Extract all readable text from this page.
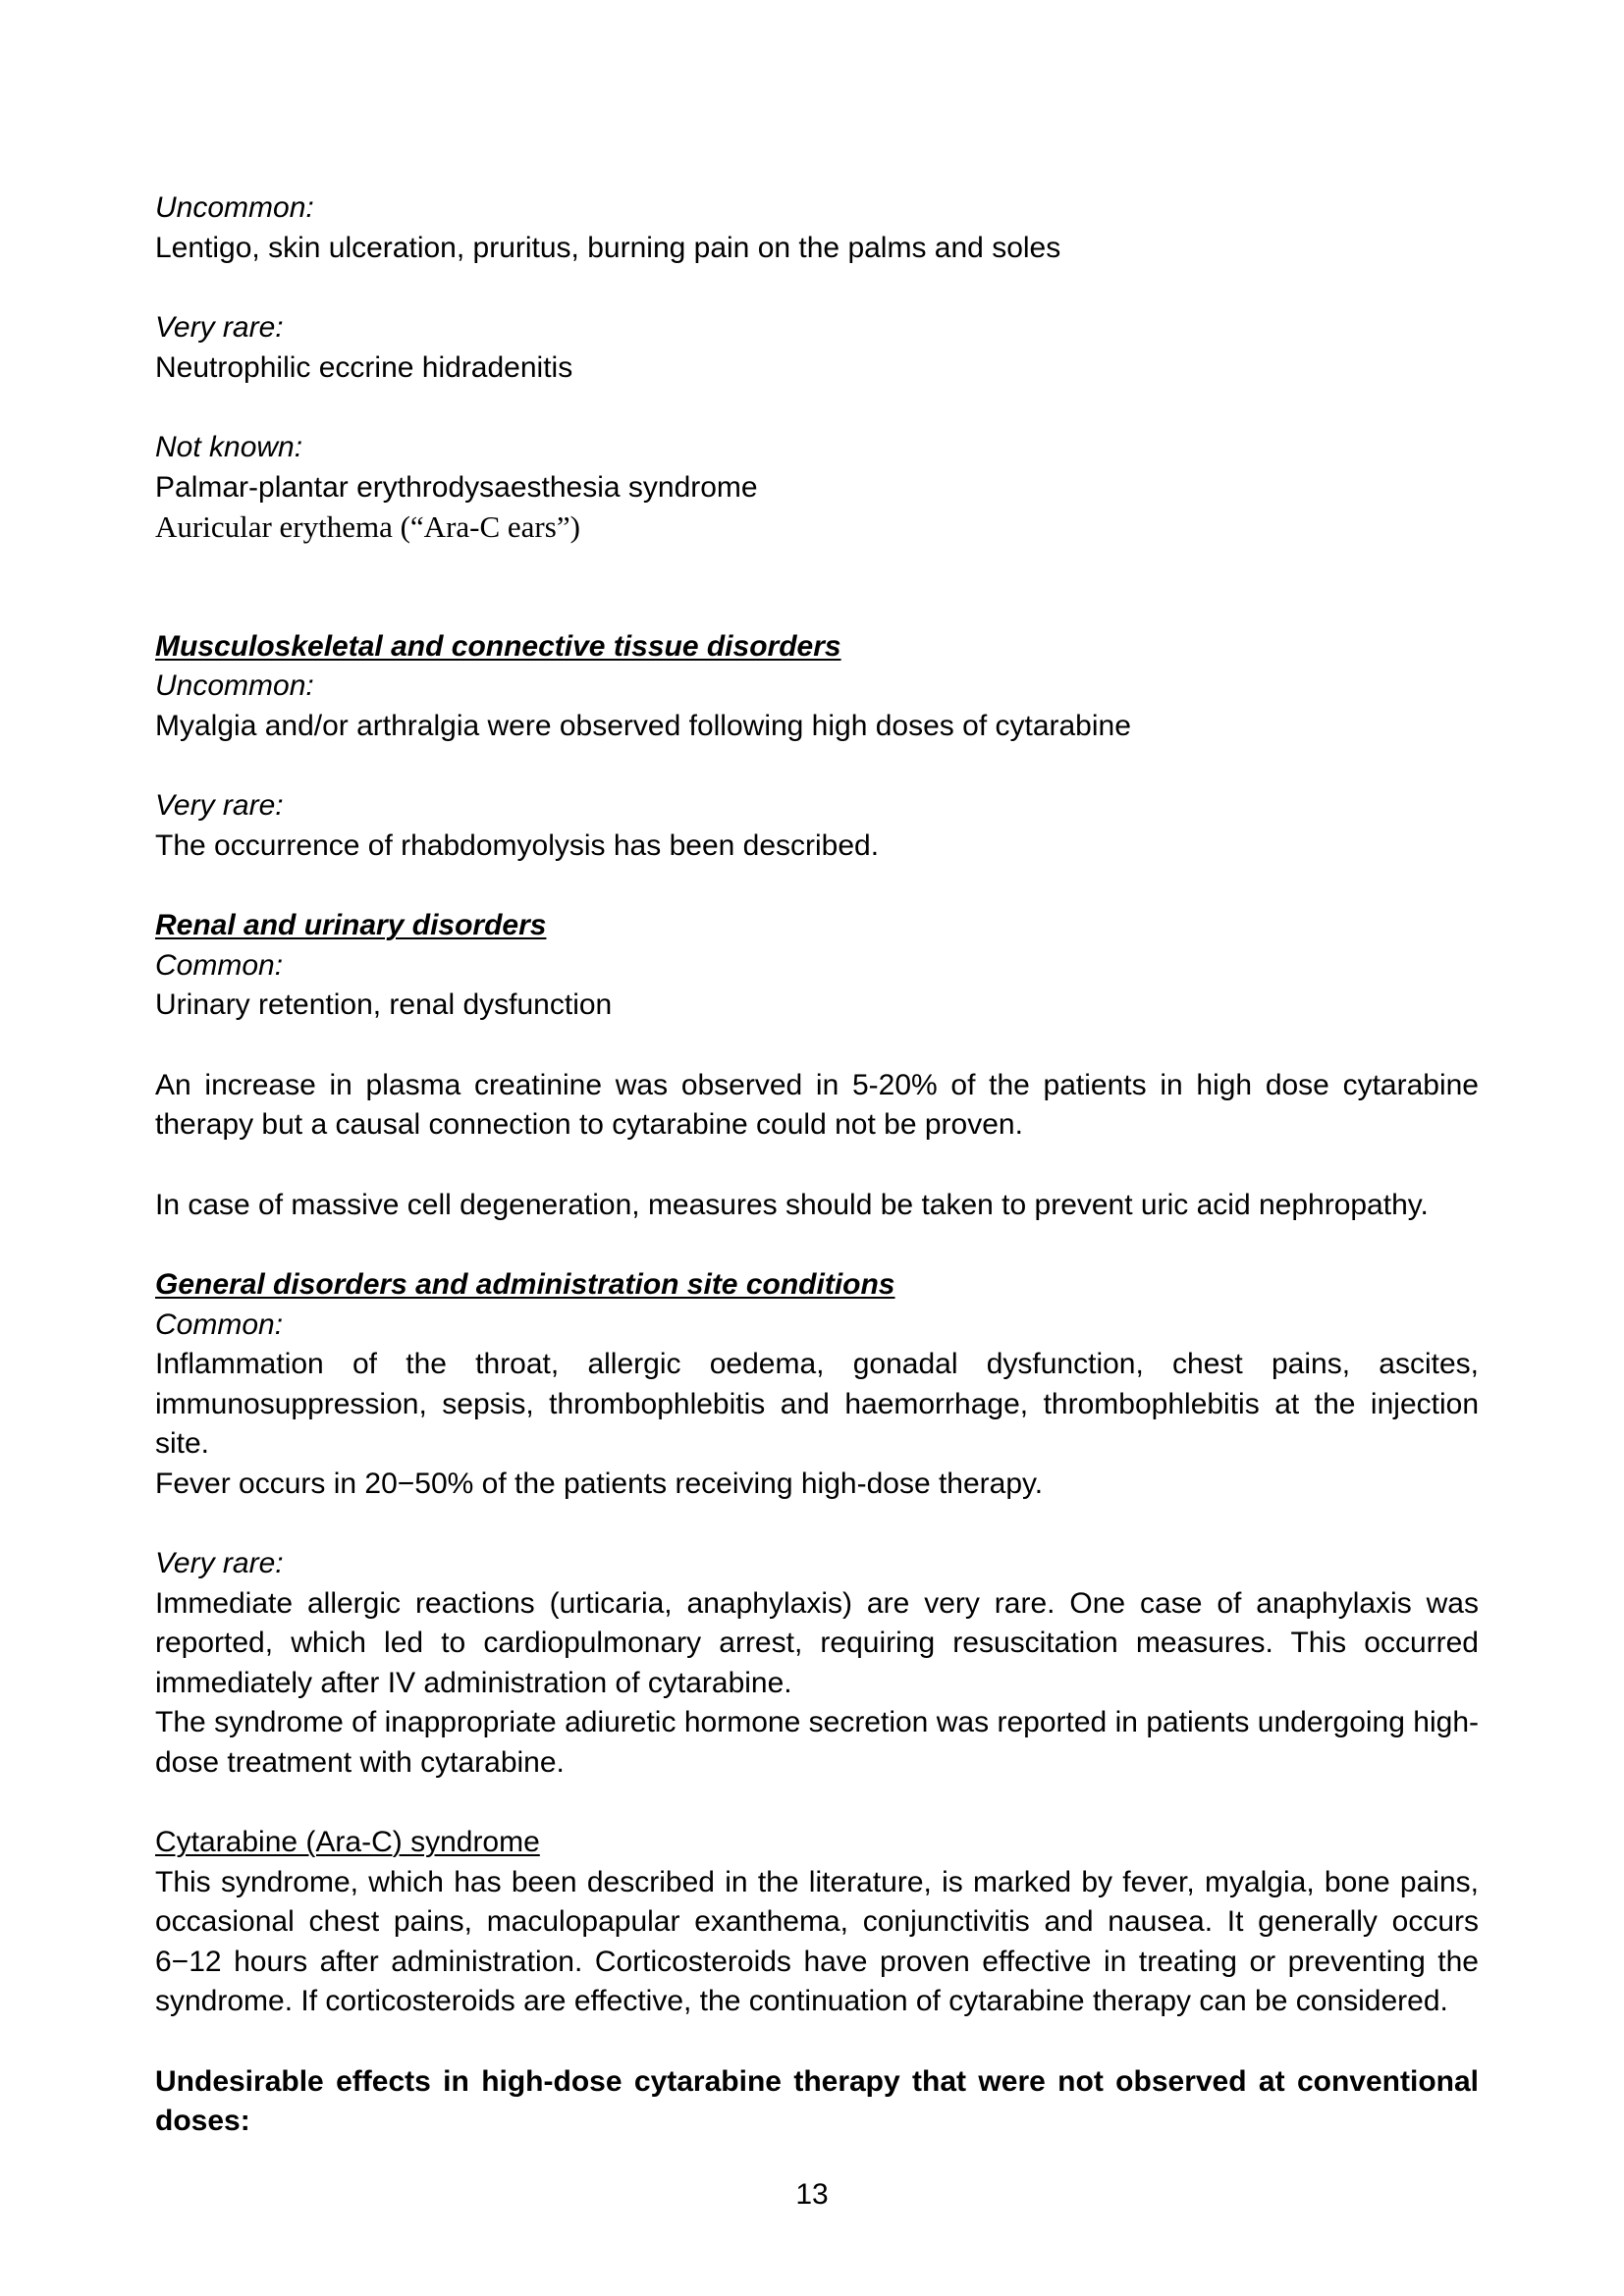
Uncommon:
Lentigo, skin ulceration, pruritus, burning pain on the palms and soles
Very rare:
Neutrophilic eccrine hidradenitis
Not known:
Palmar-plantar erythrodysaesthesia syndrome
Auricular erythema (“Ara-C ears”)
Musculoskeletal and connective tissue disorders
Uncommon:
Myalgia and/or arthralgia were observed following high doses of cytarabine
Very rare:
The occurrence of rhabdomyolysis has been described.
Renal and urinary disorders
Common:
Urinary retention, renal dysfunction

An increase in plasma creatinine was observed in 5-20% of the patients in high dose cytarabine therapy but a causal connection to cytarabine could not be proven.

In case of massive cell degeneration, measures should be taken to prevent uric acid nephropathy.
General disorders and administration site conditions
Common:

Inflammation of the throat, allergic oedema, gonadal dysfunction, chest pains, ascites, immunosuppression, sepsis, thrombophlebitis and haemorrhage, thrombophlebitis at the injection site.

Fever occurs in 20−50% of the patients receiving high-dose therapy.
Very rare:

Immediate allergic reactions (urticaria, anaphylaxis) are very rare. One case of anaphylaxis was reported, which led to cardiopulmonary arrest, requiring resuscitation measures. This occurred immediately after IV administration of cytarabine.

The syndrome of inappropriate adiuretic hormone secretion was reported in patients undergoing high-dose treatment with cytarabine.

Cytarabine (Ara-C) syndrome

This syndrome, which has been described in the literature, is marked by fever, myalgia, bone pains, occasional chest pains, maculopapular exanthema, conjunctivitis and nausea. It generally occurs 6−12 hours after administration. Corticosteroids have proven effective in treating or preventing the syndrome. If corticosteroids are effective, the continuation of cytarabine therapy can be considered.

Undesirable effects in high-dose cytarabine therapy that were not observed at conventional doses:

13
